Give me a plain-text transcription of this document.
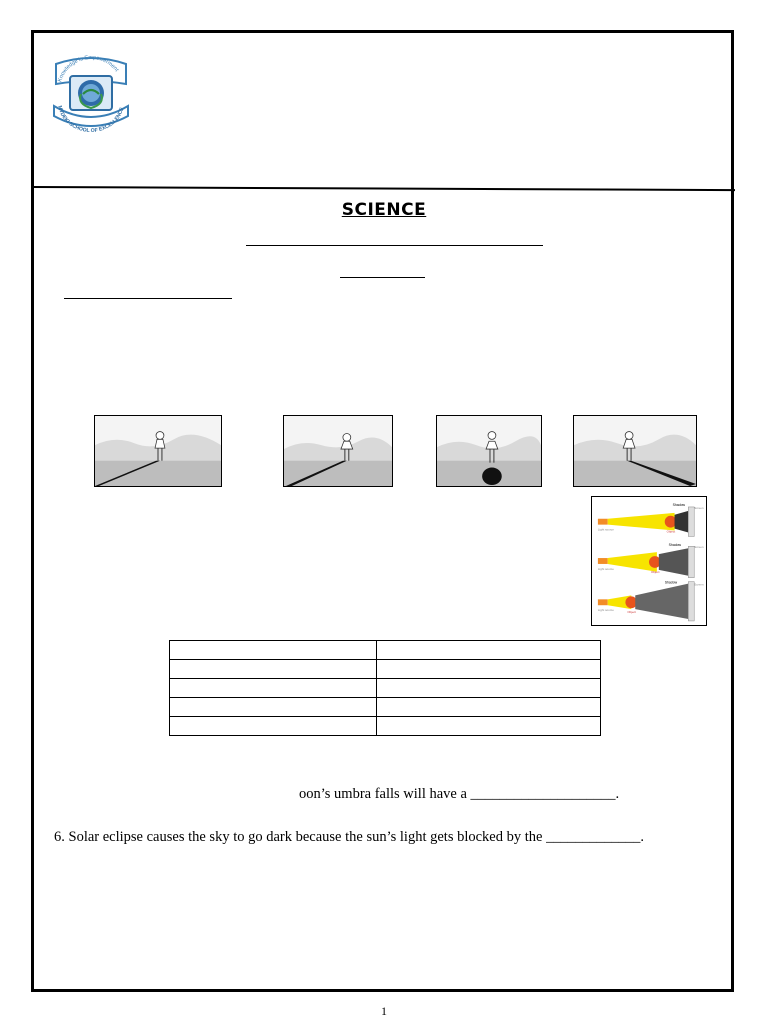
Knowledge is Empowerment
MYDEKI SCHOOL OF EXCELLENCE
SCIENCE
Shadow
Light source	Object
Screen
Shadow
Light source
Object
Screen
Shadow
Light source	Object
Screen

oon’s umbra falls will have a ____________________.
6. Solar eclipse causes the sky to go dark because the sun’s light gets blocked by the _____________.
1
